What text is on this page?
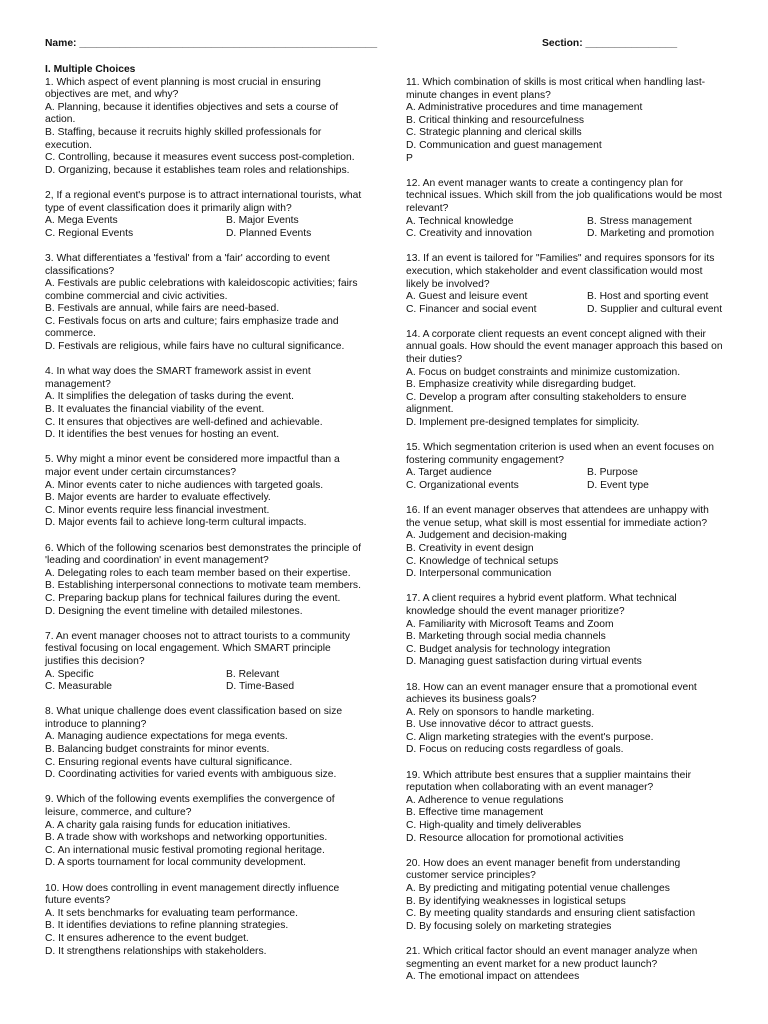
Name: ____________________________________________________	Section: ________________
I. Multiple Choices
1. Which aspect of event planning is most crucial in ensuring
objectives are met, and why?
A. Planning, because it identifies objectives and sets a course of
action.
B. Staffing, because it recruits highly skilled professionals for
execution.
C. Controlling, because it measures event success post-completion.
D. Organizing, because it establishes team roles and relationships.
2, If a regional event's purpose is to attract international tourists, what
type of event classification does it primarily align with?
A. Mega Events	B. Major Events
C. Regional Events	D. Planned Events
3. What differentiates a 'festival' from a 'fair' according to event
classifications?
A. Festivals are public celebrations with kaleidoscopic activities; fairs
combine commercial and civic activities.
B. Festivals are annual, while fairs are need-based.
C. Festivals focus on arts and culture; fairs emphasize trade and
commerce.
D. Festivals are religious, while fairs have no cultural significance.
4. In what way does the SMART framework assist in event
management?
A. It simplifies the delegation of tasks during the event.
B. It evaluates the financial viability of the event.
C. It ensures that objectives are well-defined and achievable.
D. It identifies the best venues for hosting an event.
5. Why might a minor event be considered more impactful than a
major event under certain circumstances?
A. Minor events cater to niche audiences with targeted goals.
B. Major events are harder to evaluate effectively.
C. Minor events require less financial investment.
D. Major events fail to achieve long-term cultural impacts.
6. Which of the following scenarios best demonstrates the principle of
'leading and coordination' in event management?
A. Delegating roles to each team member based on their expertise.
B. Establishing interpersonal connections to motivate team members.
C. Preparing backup plans for technical failures during the event.
D. Designing the event timeline with detailed milestones.
7. An event manager chooses not to attract tourists to a community
festival focusing on local engagement. Which SMART principle
justifies this decision?
A. Specific	B. Relevant
C. Measurable	D. Time-Based
8. What unique challenge does event classification based on size
introduce to planning?
A. Managing audience expectations for mega events.
B. Balancing budget constraints for minor events.
C. Ensuring regional events have cultural significance.
D. Coordinating activities for varied events with ambiguous size.
9. Which of the following events exemplifies the convergence of
leisure, commerce, and culture?
A. A charity gala raising funds for education initiatives.
B. A trade show with workshops and networking opportunities.
C. An international music festival promoting regional heritage.
D. A sports tournament for local community development.
10. How does controlling in event management directly influence
future events?
A. It sets benchmarks for evaluating team performance.
B. It identifies deviations to refine planning strategies.
C. It ensures adherence to the event budget.
D. It strengthens relationships with stakeholders.
11. Which combination of skills is most critical when handling last-
minute changes in event plans?
A. Administrative procedures and time management
B. Critical thinking and resourcefulness
C. Strategic planning and clerical skills
D. Communication and guest management
P
12. An event manager wants to create a contingency plan for
technical issues. Which skill from the job qualifications would be most
relevant?
A. Technical knowledge	B. Stress management
C. Creativity and innovation	D. Marketing and promotion
13. If an event is tailored for "Families" and requires sponsors for its
execution, which stakeholder and event classification would most
likely be involved?
A. Guest and leisure event	B. Host and sporting event
C. Financer and social event	D. Supplier and cultural event
14. A corporate client requests an event concept aligned with their
annual goals. How should the event manager approach this based on
their duties?
A. Focus on budget constraints and minimize customization.
B. Emphasize creativity while disregarding budget.
C. Develop a program after consulting stakeholders to ensure
alignment.
D. Implement pre-designed templates for simplicity.
15. Which segmentation criterion is used when an event focuses on
fostering community engagement?
A. Target audience	B. Purpose
C. Organizational events	D. Event type
16. If an event manager observes that attendees are unhappy with
the venue setup, what skill is most essential for immediate action?
A. Judgement and decision-making
B. Creativity in event design
C. Knowledge of technical setups
D. Interpersonal communication
17. A client requires a hybrid event platform. What technical
knowledge should the event manager prioritize?
A. Familiarity with Microsoft Teams and Zoom
B. Marketing through social media channels
C. Budget analysis for technology integration
D. Managing guest satisfaction during virtual events
18. How can an event manager ensure that a promotional event
achieves its business goals?
A. Rely on sponsors to handle marketing.
B. Use innovative décor to attract guests.
C. Align marketing strategies with the event's purpose.
D. Focus on reducing costs regardless of goals.
19. Which attribute best ensures that a supplier maintains their
reputation when collaborating with an event manager?
A. Adherence to venue regulations
B. Effective time management
C. High-quality and timely deliverables
D. Resource allocation for promotional activities
20. How does an event manager benefit from understanding
customer service principles?
A. By predicting and mitigating potential venue challenges
B. By identifying weaknesses in logistical setups
C. By meeting quality standards and ensuring client satisfaction
D. By focusing solely on marketing strategies
21. Which critical factor should an event manager analyze when
segmenting an event market for a new product launch?
A. The emotional impact on attendees
